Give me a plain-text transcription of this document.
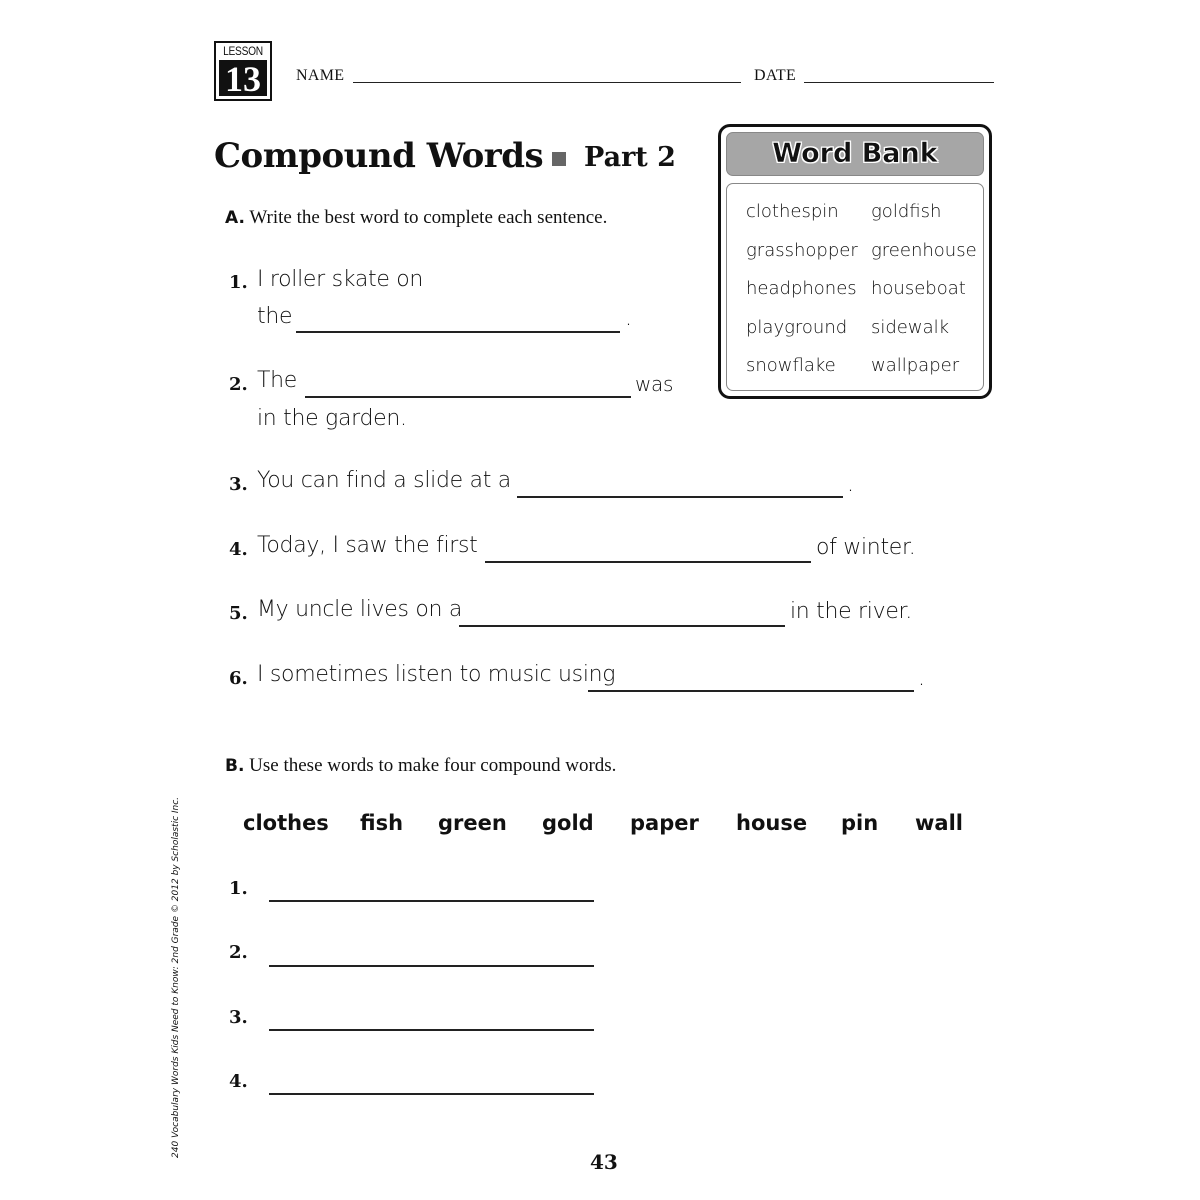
LESSON
13	NAME	DATE
Compound Words Part 2	Word Bank
clothespin goldfish
grasshopper greenhouse
headphones houseboat
playground sidewalk
snowflake wallpaper
A. Write the best word to complete each sentence.
1. I roller skate on
the	.
2. The	was
in the garden.
3. You can find a slide at a	.
4. Today, I saw the first	of winter.
5. My uncle lives on a	in the river.
6. I sometimes listen to music using	.
B. Use these words to make four compound words.
clothes fish green gold paper house pin wall
1.
2.
3.
4.
240 Vocabulary Words Kids Need to Know: 2nd Grade © 2012 by Scholastic Inc.
43
